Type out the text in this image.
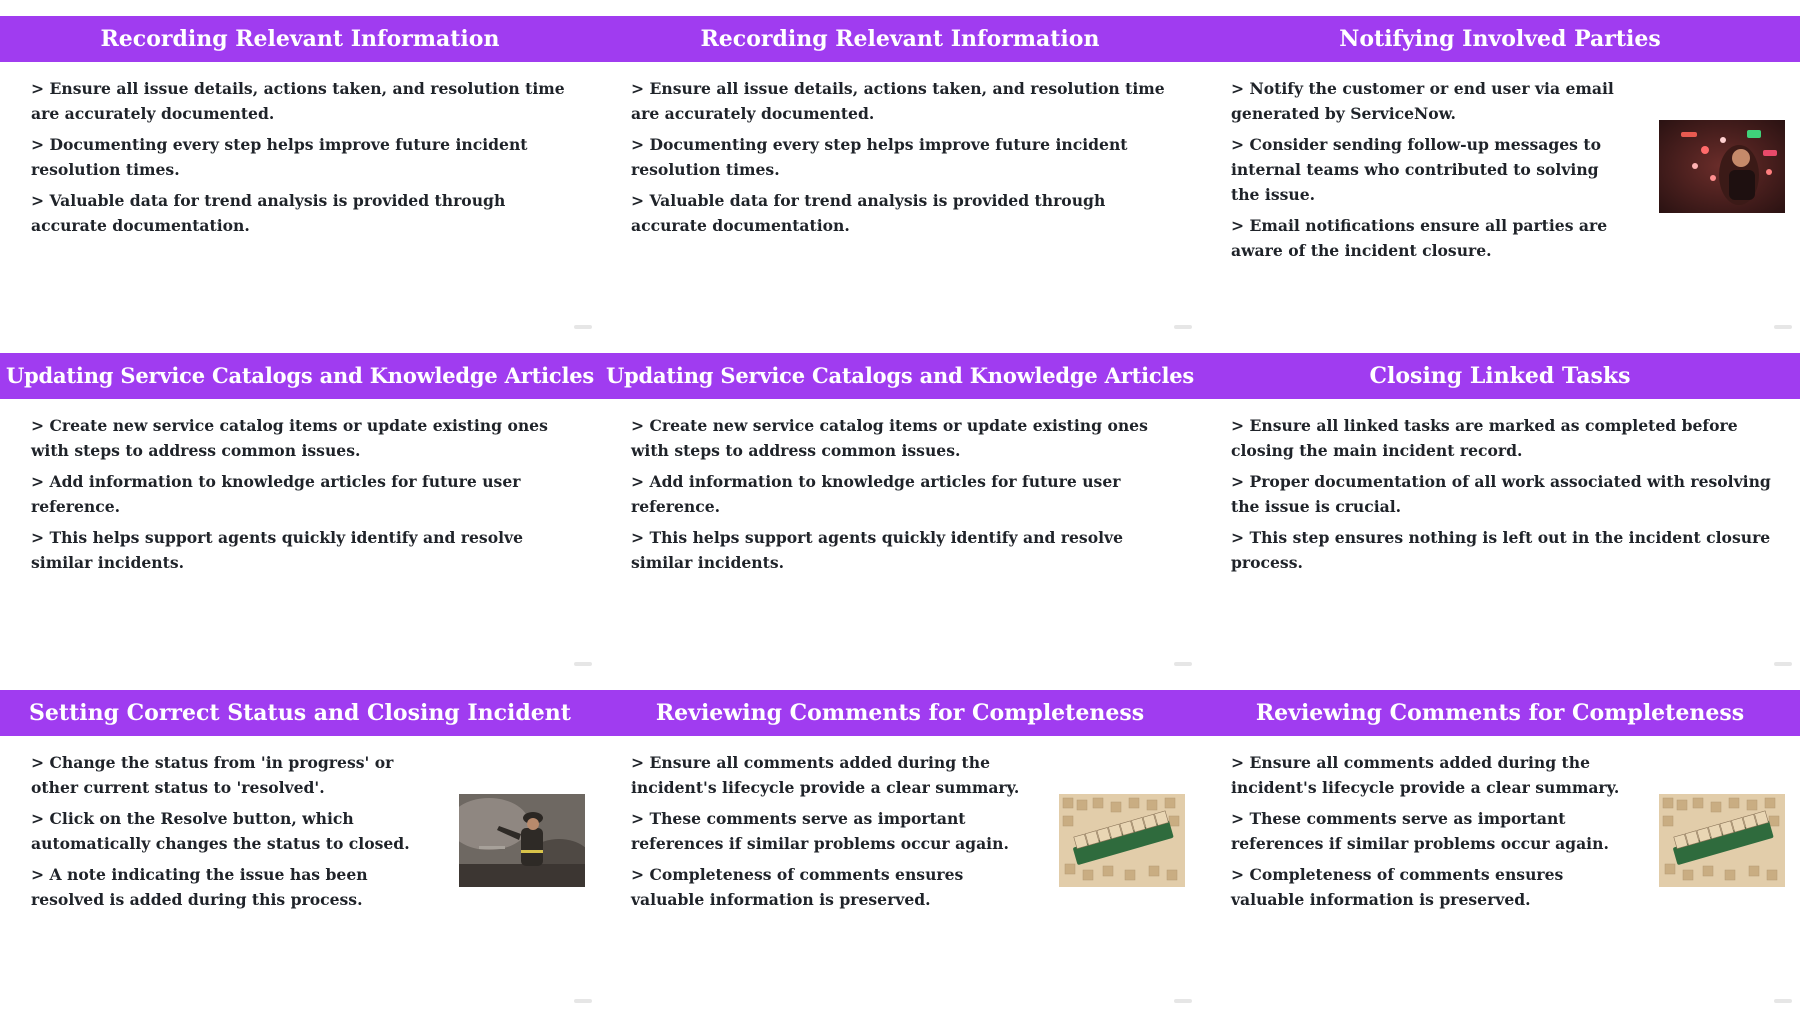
Recording Relevant Information
> Ensure all issue details, actions taken, and resolution time are accurately documented.
> Documenting every step helps improve future incident resolution times.
> Valuable data for trend analysis is provided through accurate documentation.
Recording Relevant Information
> Ensure all issue details, actions taken, and resolution time are accurately documented.
> Documenting every step helps improve future incident resolution times.
> Valuable data for trend analysis is provided through accurate documentation.
Notifying Involved Parties
> Notify the customer or end user via email generated by ServiceNow.
> Consider sending follow-up messages to internal teams who contributed to solving the issue.
> Email notifications ensure all parties are aware of the incident closure.
Updating Service Catalogs and Knowledge Articles
> Create new service catalog items or update existing ones with steps to address common issues.
> Add information to knowledge articles for future user reference.
> This helps support agents quickly identify and resolve similar incidents.
Updating Service Catalogs and Knowledge Articles
> Create new service catalog items or update existing ones with steps to address common issues.
> Add information to knowledge articles for future user reference.
> This helps support agents quickly identify and resolve similar incidents.
Closing Linked Tasks
> Ensure all linked tasks are marked as completed before closing the main incident record.
> Proper documentation of all work associated with resolving the issue is crucial.
> This step ensures nothing is left out in the incident closure process.
Setting Correct Status and Closing Incident
> Change the status from 'in progress' or other current status to 'resolved'.
> Click on the Resolve button, which automatically changes the status to closed.
> A note indicating the issue has been resolved is added during this process.
Reviewing Comments for Completeness
> Ensure all comments added during the incident's lifecycle provide a clear summary.
> These comments serve as important references if similar problems occur again.
> Completeness of comments ensures valuable information is preserved.
Reviewing Comments for Completeness
> Ensure all comments added during the incident's lifecycle provide a clear summary.
> These comments serve as important references if similar problems occur again.
> Completeness of comments ensures valuable information is preserved.
